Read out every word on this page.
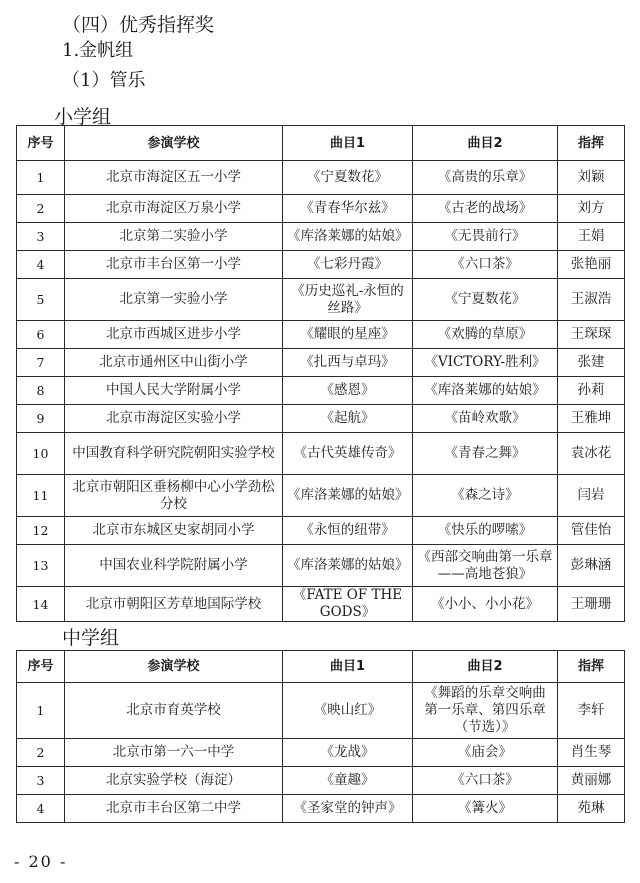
（四）优秀指挥奖
1.金帆组
（1）管乐
小学组
序号	参演学校	曲目1	曲目2	指挥
1	北京市海淀区五一小学	《宁夏数花》	《高贵的乐章》	刘颖
2	北京市海淀区万泉小学	《青春华尔兹》	《古老的战场》	刘方
3	北京第二实验小学	《库洛莱娜的姑娘》	《无畏前行》	王娟
4	北京市丰台区第一小学	《七彩丹霞》	《六口茶》	张艳丽
5	北京第一实验小学	《历史巡礼-永恒的丝路》	《宁夏数花》	王淑浩
6	北京市西城区进步小学	《耀眼的星座》	《欢腾的草原》	王琛琛
7	北京市通州区中山街小学	《扎西与卓玛》	《VICTORY-胜利》	张建
8	中国人民大学附属小学	《感恩》	《库洛莱娜的姑娘》	孙莉
9	北京市海淀区实验小学	《起航》	《苗岭欢歌》	王雅坤
10	中国教育科学研究院朝阳实验学校	《古代英雄传奇》	《青春之舞》	袁冰花
11	北京市朝阳区垂杨柳中心小学劲松分校	《库洛莱娜的姑娘》	《森之诗》	闫岩
12	北京市东城区史家胡同小学	《永恒的纽带》	《快乐的啰嗦》	管佳怡
13	中国农业科学院附属小学	《库洛莱娜的姑娘》	《西部交响曲第一乐章——高地苍狼》	彭琳涵
14	北京市朝阳区芳草地国际学校	《FATE OF THE GODS》	《小小、小小花》	王珊珊
中学组
序号	参演学校	曲目1	曲目2	指挥
1	北京市育英学校	《映山红》	《舞蹈的乐章交响曲 第一乐章、第四乐章（节选）》	李轩
2	北京市第一六一中学	《龙战》	《庙会》	肖生琴
3	北京实验学校（海淀）	《童趣》	《六口茶》	黄丽娜
4	北京市丰台区第二中学	《圣家堂的钟声》	《篝火》	苑琳
- 20 -
